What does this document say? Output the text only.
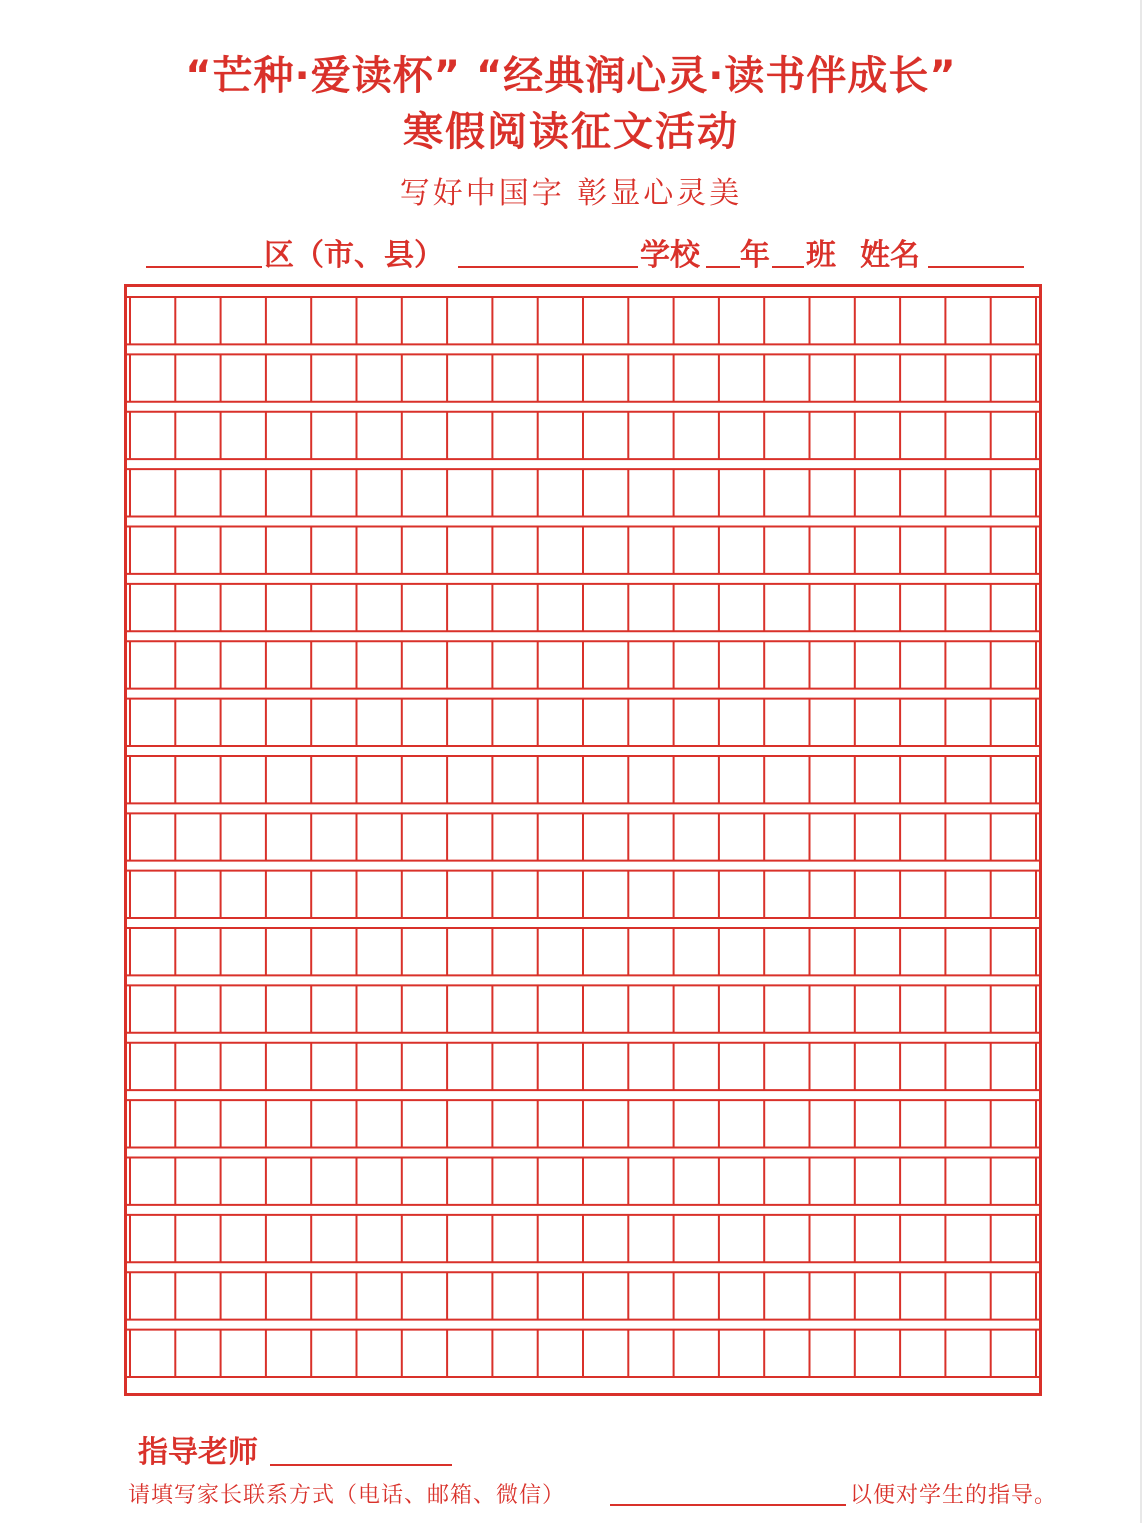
“芒种·爱读杯” “经典润心灵·读书伴成长”
寒假阅读征文活动
写好中国字 彰显心灵美
区（市、县）	学校 年 班 姓名
指导老师
请填写家长联系方式（电话、邮箱、微信）	以便对学生的指导。
